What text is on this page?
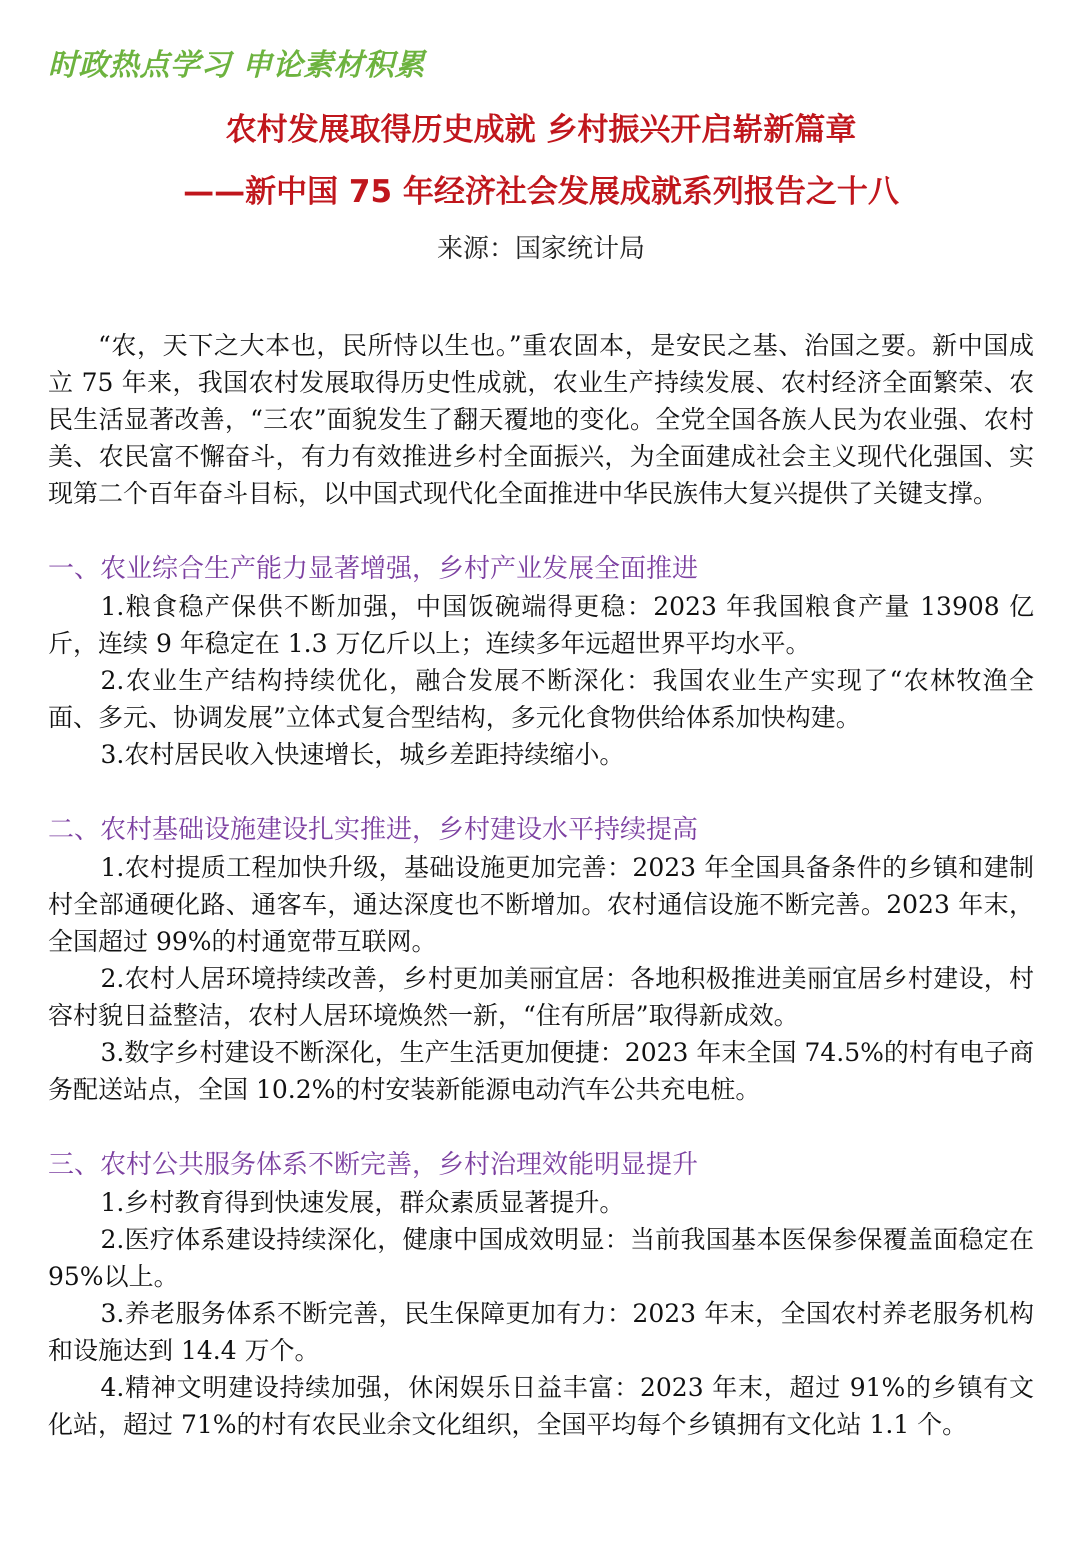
时政热点学习 申论素材积累
农村发展取得历史成就 乡村振兴开启崭新篇章
——新中国 75 年经济社会发展成就系列报告之十八
来源：国家统计局

“农，天下之大本也，民所恃以生也。”重农固本，是安民之基、治国之要。新中国成立 75 年来，我国农村发展取得历史性成就，农业生产持续发展、农村经济全面繁荣、农民生活显著改善，“三农”面貌发生了翻天覆地的变化。全党全国各族人民为农业强、农村美、农民富不懈奋斗，有力有效推进乡村全面振兴，为全面建成社会主义现代化强国、实现第二个百年奋斗目标，以中国式现代化全面推进中华民族伟大复兴提供了关键支撑。

一、农业综合生产能力显著增强，乡村产业发展全面推进

1.粮食稳产保供不断加强，中国饭碗端得更稳：2023 年我国粮食产量 13908 亿斤，连续 9 年稳定在 1.3 万亿斤以上；连续多年远超世界平均水平。

2.农业生产结构持续优化，融合发展不断深化：我国农业生产实现了“农林牧渔全面、多元、协调发展”立体式复合型结构，多元化食物供给体系加快构建。

3.农村居民收入快速增长，城乡差距持续缩小。

二、农村基础设施建设扎实推进，乡村建设水平持续提高

1.农村提质工程加快升级，基础设施更加完善：2023 年全国具备条件的乡镇和建制村全部通硬化路、通客车，通达深度也不断增加。农村通信设施不断完善。2023 年末，全国超过 99%的村通宽带互联网。

2.农村人居环境持续改善，乡村更加美丽宜居：各地积极推进美丽宜居乡村建设，村容村貌日益整洁，农村人居环境焕然一新，“住有所居”取得新成效。

3.数字乡村建设不断深化，生产生活更加便捷：2023 年末全国 74.5%的村有电子商务配送站点，全国 10.2%的村安装新能源电动汽车公共充电桩。

三、农村公共服务体系不断完善，乡村治理效能明显提升

1.乡村教育得到快速发展，群众素质显著提升。

2.医疗体系建设持续深化，健康中国成效明显：当前我国基本医保参保覆盖面稳定在 95%以上。

3.养老服务体系不断完善，民生保障更加有力：2023 年末，全国农村养老服务机构和设施达到 14.4 万个。

4.精神文明建设持续加强，休闲娱乐日益丰富：2023 年末，超过 91%的乡镇有文化站，超过 71%的村有农民业余文化组织，全国平均每个乡镇拥有文化站 1.1 个。
